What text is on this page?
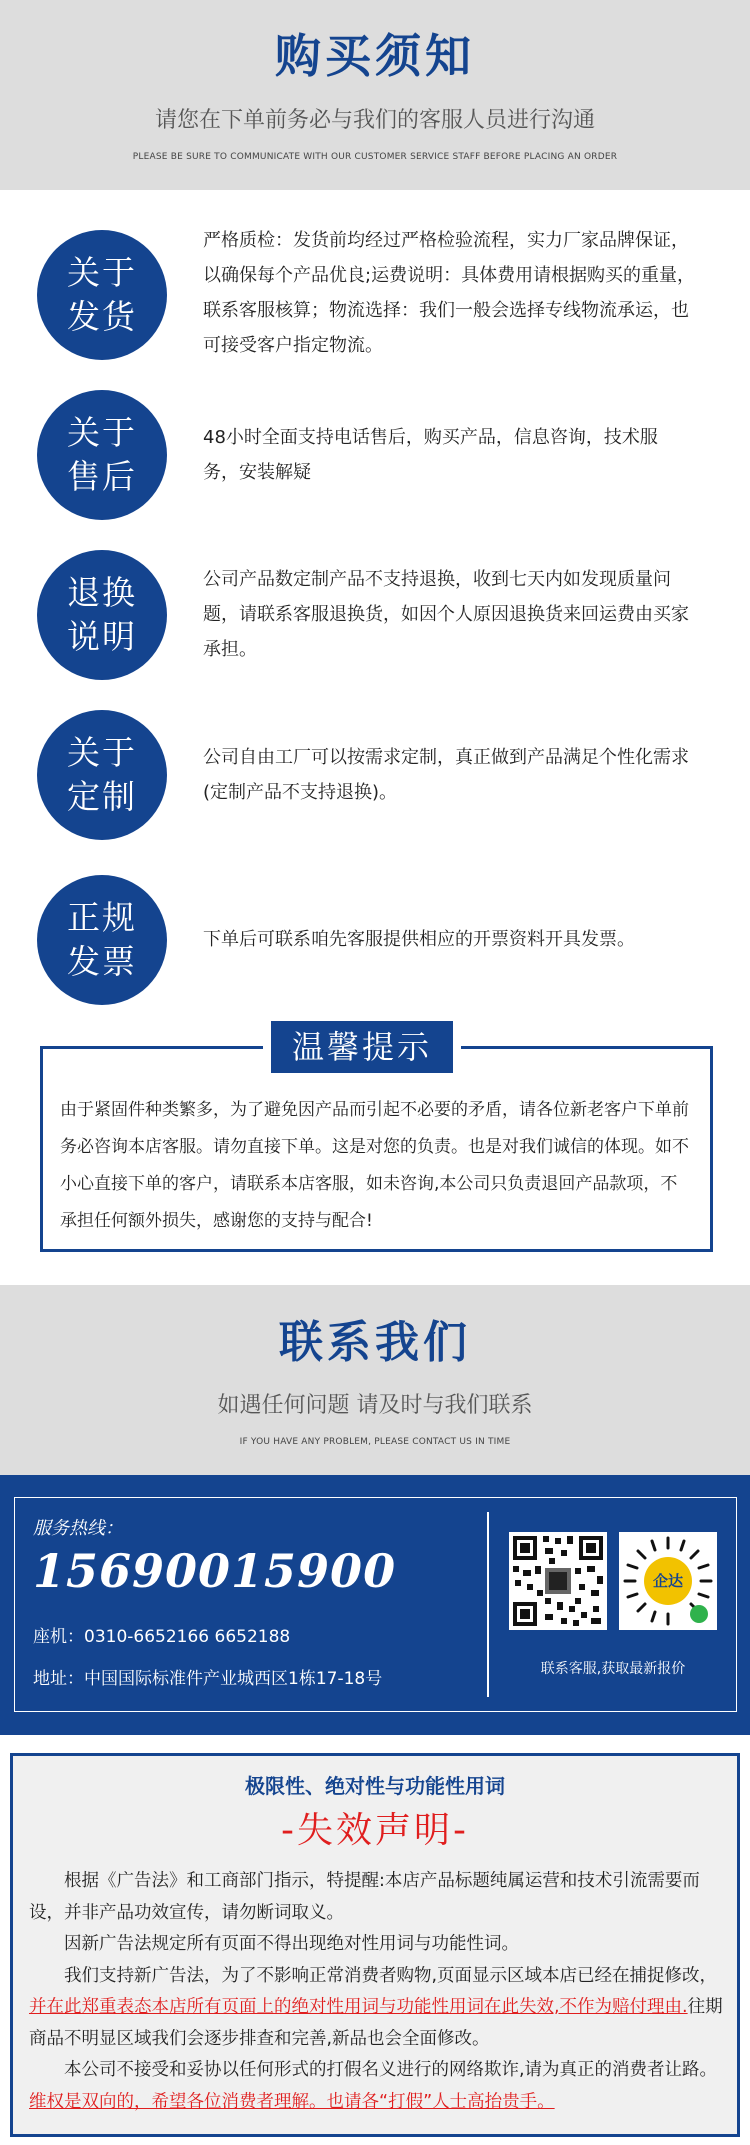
购买须知
请您在下单前务必与我们的客服人员进行沟通
PLEASE BE SURE TO COMMUNICATE WITH OUR CUSTOMER SERVICE STAFF BEFORE PLACING AN ORDER
关于
发货
严格质检：发货前均经过严格检验流程，实力厂家品牌保证，以确保每个产品优良;运费说明：具体费用请根据购买的重量，联系客服核算；物流选择：我们一般会选择专线物流承运，也可接受客户指定物流。
关于
售后
48小时全面支持电话售后，购买产品，信息咨询，技术服务，安装解疑
退换
说明
公司产品数定制产品不支持退换，收到七天内如发现质量问题，请联系客服退换货，如因个人原因退换货来回运费由买家承担。
关于
定制
公司自由工厂可以按需求定制，真正做到产品满足个性化需求(定制产品不支持退换)。
正规
发票
下单后可联系咱先客服提供相应的开票资料开具发票。
温馨提示
由于紧固件种类繁多，为了避免因产品而引起不必要的矛盾，请各位新老客户下单前务必咨询本店客服。请勿直接下单。这是对您的负责。也是对我们诚信的体现。如不小心直接下单的客户，请联系本店客服，如未咨询,本公司只负责退回产品款项，不承担任何额外损失，感谢您的支持与配合!
联系我们
如遇任何问题 请及时与我们联系
IF YOU HAVE ANY PROBLEM, PLEASE CONTACT US IN TIME
服务热线：
15690015900
座机：0310-6652166 6652188
地址：中国国际标准件产业城西区1栋17-18号
企达
联系客服,获取最新报价
极限性、绝对性与功能性用词
-失效声明-

根据《广告法》和工商部门指示，特提醒:本店产品标题纯属运营和技术引流需要而设，并非产品功效宣传，请勿断词取义。

因新广告法规定所有页面不得出现绝对性用词与功能性词。

我们支持新广告法，为了不影响正常消费者购物,页面显示区域本店已经在捕捉修改，并在此郑重表态本店所有页面上的绝对性用词与功能性用词在此失效,不作为赔付理由.往期商品不明显区域我们会逐步排查和完善,新品也会全面修改。

本公司不接受和妥协以任何形式的打假名义进行的网络欺诈,请为真正的消费者让路。维权是双向的，希望各位消费者理解。也请各“打假”人士高抬贵手。
